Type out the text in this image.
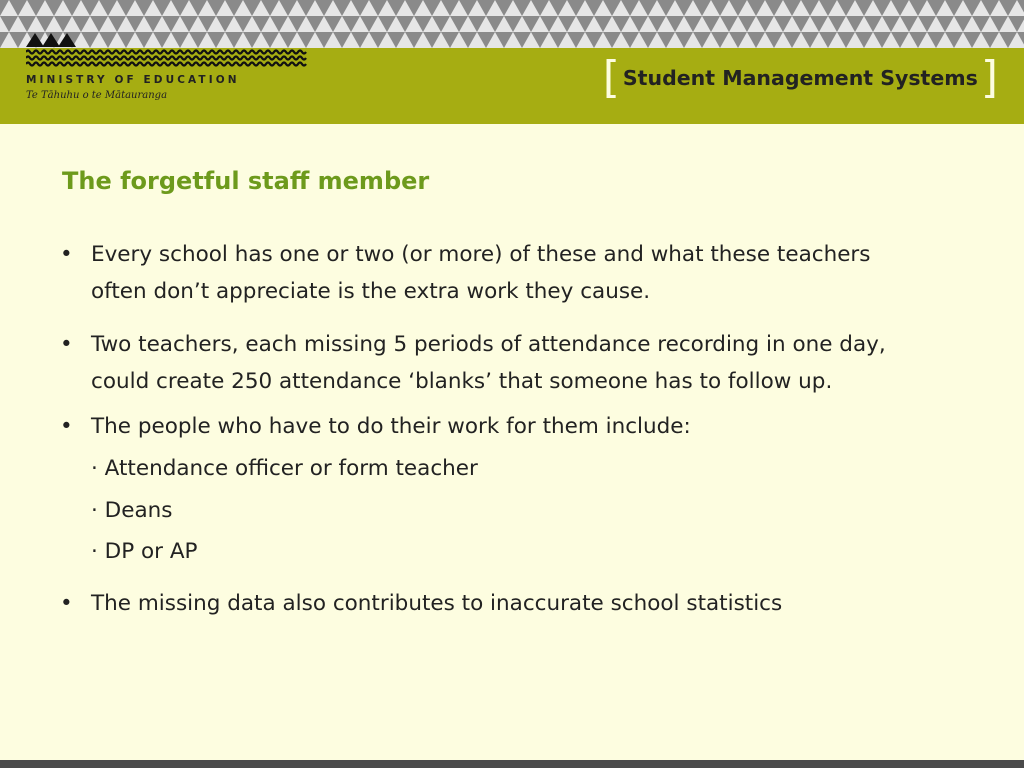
MINISTRY OF EDUCATION
Te Tāhuhu o te Mātauranga	[ Student Management Systems ]
The forgetful staff member
• Every school has one or two (or more) of these and what these teachers often don’t appreciate is the extra work they cause.
• Two teachers, each missing 5 periods of attendance recording in one day, could create 250 attendance ‘blanks’ that someone has to follow up.
• The people who have to do their work for them include:
· Attendance officer or form teacher
· Deans
· DP or AP
• The missing data also contributes to inaccurate school statistics
